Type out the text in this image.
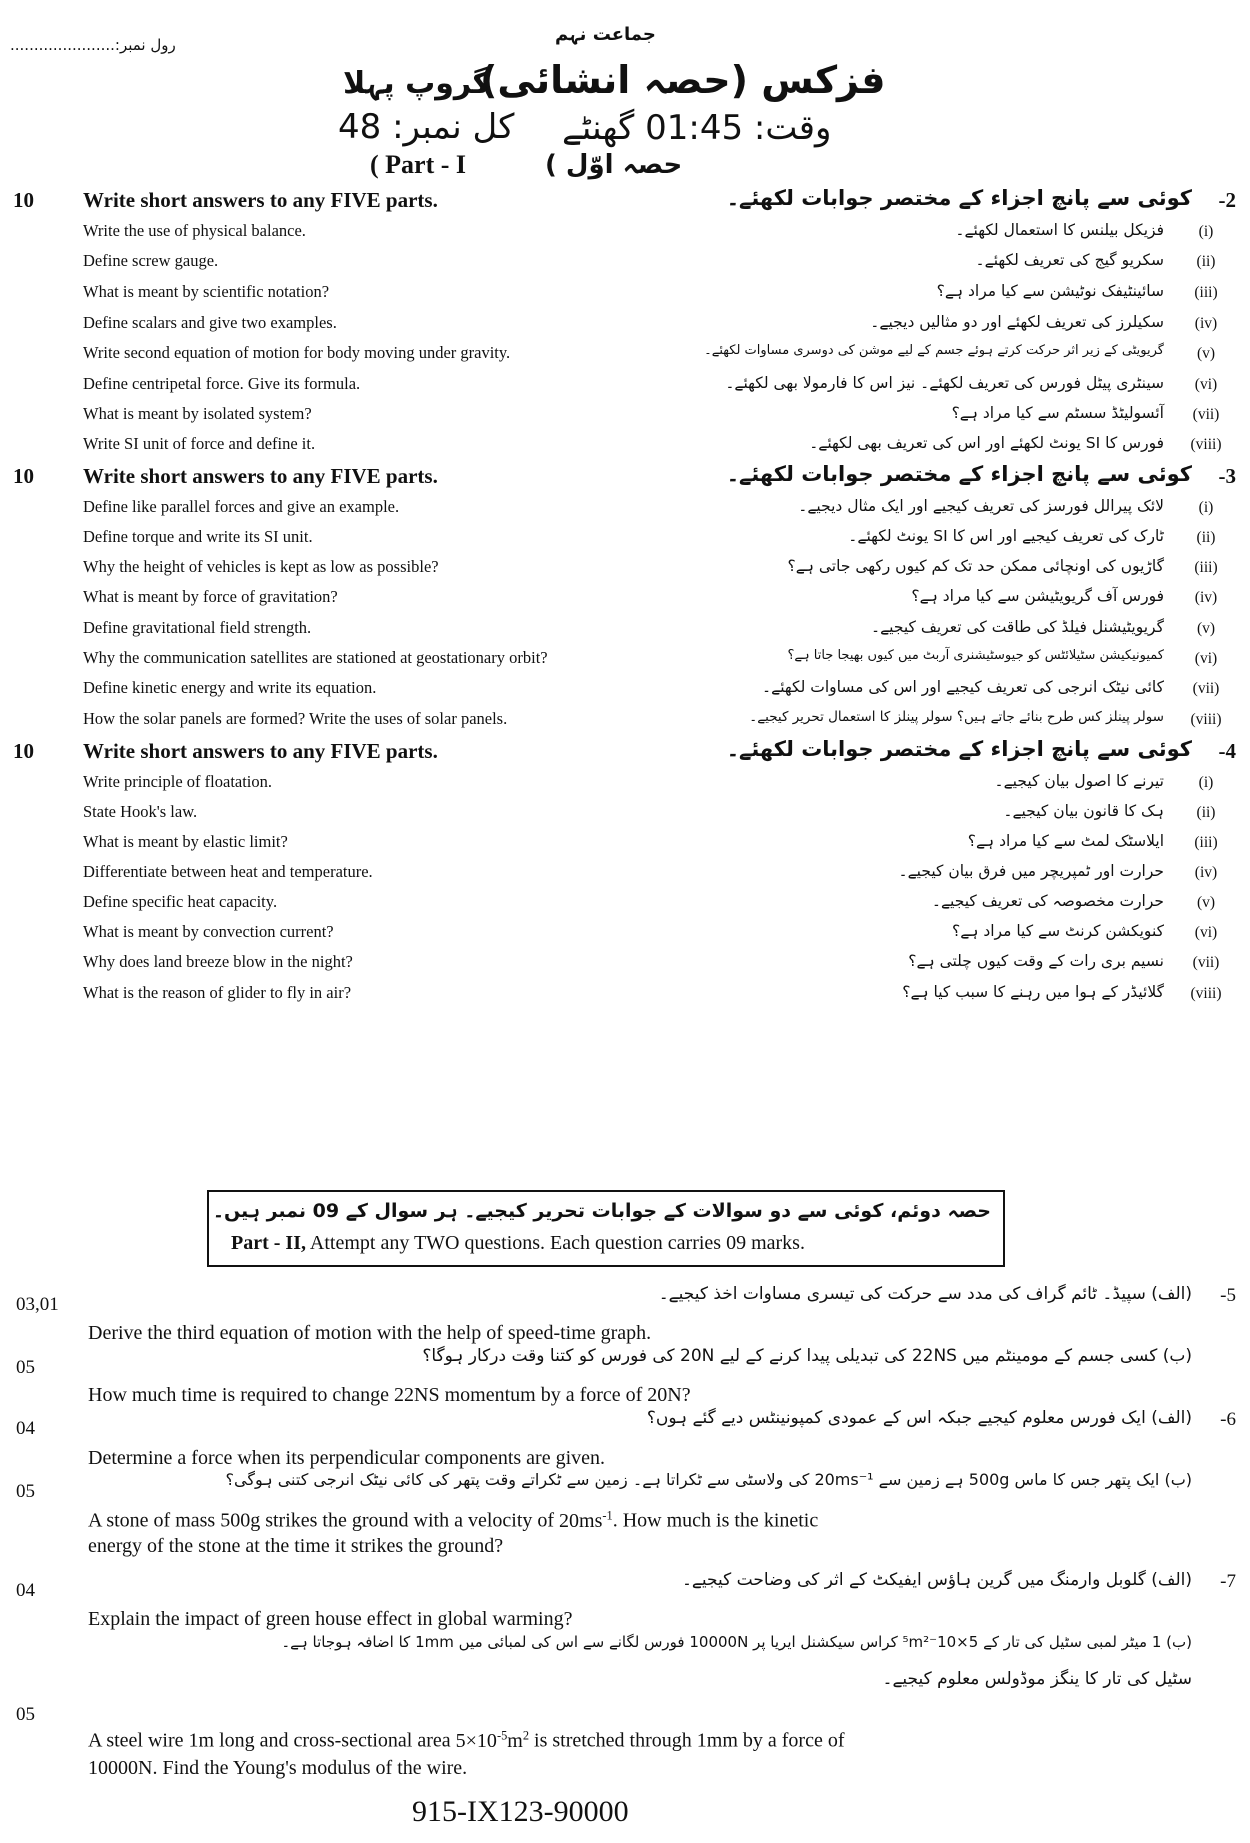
رول نمبر:......................	جماعت نہم
فزکس (حصہ انشائی)
گروپ پہلا
وقت: 01:45 گھنٹے
کل نمبر: 48
( Part - I	حصہ اوّل )
10 Write short answers to any FIVE parts.	کوئی سے پانچ اجزاء کے مختصر جوابات لکھئے۔ -2
Write the use of physical balance.	فزیکل بیلنس کا استعمال لکھئے۔	(i)
Define screw gauge.	سکریو گیج کی تعریف لکھئے۔	(ii)
What is meant by scientific notation?	سائینٹیفک نوٹیشن سے کیا مراد ہے؟	(iii)
Define scalars and give two examples.	سکیلرز کی تعریف لکھئے اور دو مثالیں دیجیے۔	(iv)
Write second equation of motion for body moving under gravity.	گریویٹی کے زیر اثر حرکت کرتے ہوئے جسم کے لیے موشن کی دوسری مساوات لکھئے۔	(v)
Define centripetal force. Give its formula.	سینٹری پیٹل فورس کی تعریف لکھئے۔ نیز اس کا فارمولا بھی لکھئے۔	(vi)
What is meant by isolated system?	آئسولیٹڈ سسٹم سے کیا مراد ہے؟	(vii)
Write SI unit of force and define it.	فورس کا SI یونٹ لکھئے اور اس کی تعریف بھی لکھئے۔	(viii)
10 Write short answers to any FIVE parts.	کوئی سے پانچ اجزاء کے مختصر جوابات لکھئے۔ -3
Define like parallel forces and give an example.	لائک پیرالل فورسز کی تعریف کیجیے اور ایک مثال دیجیے۔	(i)
Define torque and write its SI unit.	ٹارک کی تعریف کیجیے اور اس کا SI یونٹ لکھئے۔	(ii)
Why the height of vehicles is kept as low as possible?	گاڑیوں کی اونچائی ممکن حد تک کم کیوں رکھی جاتی ہے؟	(iii)
What is meant by force of gravitation?	فورس آف گریویٹیشن سے کیا مراد ہے؟	(iv)
Define gravitational field strength.	گریویٹیشنل فیلڈ کی طاقت کی تعریف کیجیے۔	(v)
Why the communication satellites are stationed at geostationary orbit?	کمیونیکیشن سٹیلائٹس کو جیوسٹیشنری آربٹ میں کیوں بھیجا جاتا ہے؟	(vi)
Define kinetic energy and write its equation.	کائی نیٹک انرجی کی تعریف کیجیے اور اس کی مساوات لکھئے۔	(vii)
How the solar panels are formed? Write the uses of solar panels.	سولر پینلز کس طرح بنائے جاتے ہیں؟ سولر پینلز کا استعمال تحریر کیجیے۔	(viii)
10 Write short answers to any FIVE parts.	کوئی سے پانچ اجزاء کے مختصر جوابات لکھئے۔ -4
Write principle of floatation.	تیرنے کا اصول بیان کیجیے۔	(i)
State Hook's law.	ہک کا قانون بیان کیجیے۔	(ii)
What is meant by elastic limit?	ایلاسٹک لمٹ سے کیا مراد ہے؟	(iii)
Differentiate between heat and temperature.	حرارت اور ٹمپریچر میں فرق بیان کیجیے۔	(iv)
Define specific heat capacity.	حرارت مخصوصہ کی تعریف کیجیے۔	(v)
What is meant by convection current?	کنویکشن کرنٹ سے کیا مراد ہے؟	(vi)
Why does land breeze blow in the night?	نسیم بری رات کے وقت کیوں چلتی ہے؟	(vii)
What is the reason of glider to fly in air?	گلائیڈر کے ہوا میں رہنے کا سبب کیا ہے؟	(viii)
حصہ دوئم، کوئی سے دو سوالات کے جوابات تحریر کیجیے۔ ہر سوال کے 09 نمبر ہیں۔
Part - II, Attempt any TWO questions. Each question carries 09 marks.
-5
03,01	(الف) سپیڈ۔ ٹائم گراف کی مدد سے حرکت کی تیسری مساوات اخذ کیجیے۔
Derive the third equation of motion with the help of speed-time graph.
05
(ب) کسی جسم کے مومینٹم میں 22NS کی تبدیلی پیدا کرنے کے لیے 20N کی فورس کو کتنا وقت درکار ہوگا؟
How much time is required to change 22NS momentum by a force of 20N?
-6
04	(الف) ایک فورس معلوم کیجیے جبکہ اس کے عمودی کمپونینٹس دیے گئے ہوں؟
Determine a force when its perpendicular components are given.
05
(ب) ایک پتھر جس کا ماس 500g ہے زمین سے 20ms⁻¹ کی ولاسٹی سے ٹکراتا ہے۔ زمین سے ٹکراتے وقت پتھر کی کائی نیٹک انرجی کتنی ہوگی؟
A stone of mass 500g strikes the ground with a velocity of $20ms^{-1}$. How much is the kinetic
energy of the stone at the time it strikes the ground?
-7
04	(الف) گلوبل وارمنگ میں گرین ہاؤس ایفیکٹ کے اثر کی وضاحت کیجیے۔
Explain the impact of green house effect in global warming?
(ب) 1 میٹر لمبی سٹیل کی تار کے 5×10⁻⁵m² کراس سیکشنل ایریا پر 10000N فورس لگانے سے اس کی لمبائی میں 1mm کا اضافہ ہوجاتا ہے۔
سٹیل کی تار کا ینگز موڈولس معلوم کیجیے۔
05
A steel wire 1m long and cross-sectional area $5\times 10^{-5}m^2$ is stretched through 1mm by a force of
10000N. Find the Young's modulus of the wire.
915-IX123-90000
